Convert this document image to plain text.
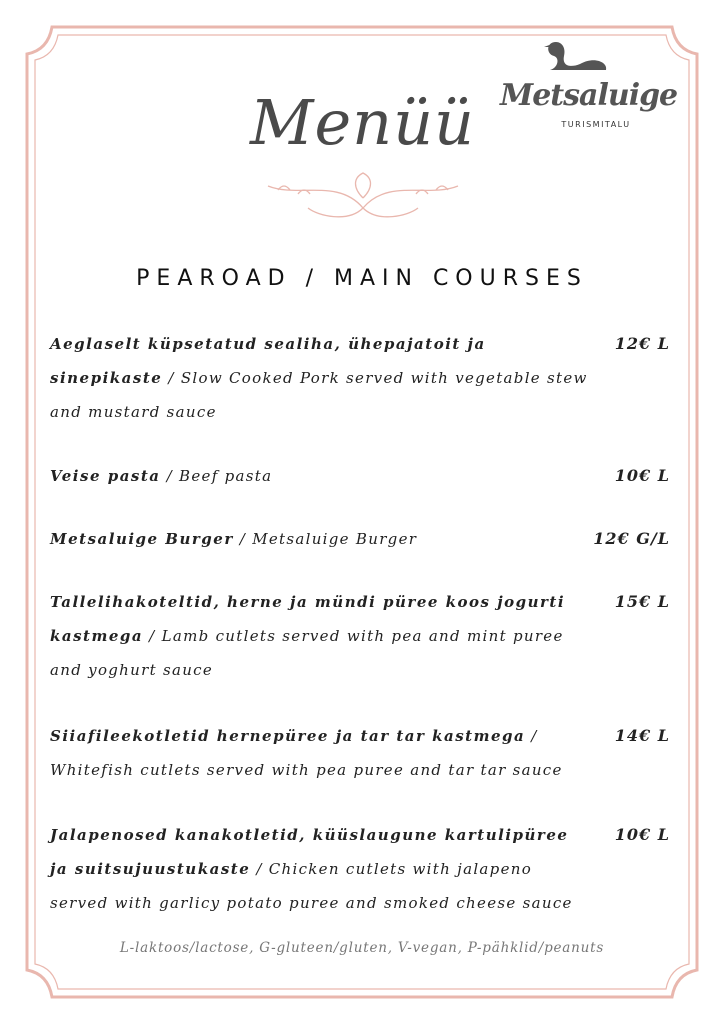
Menüü Metsaluige
TURISMITALU
PEAROAD / MAIN COURSES
Aeglaselt küpsetatud sealiha, ühepajatoit ja sinepikaste / Slow Cooked Pork served with vegetable stew and mustard sauce
12€ L
Veise pasta / Beef pasta	10€ L
Metsaluige Burger / Metsaluige Burger	12€ G/L
Tallelihakoteltid, herne ja mündi püree koos jogurti kastmega / Lamb cutlets served with pea and mint puree and yoghurt sauce
15€ L
Siiafileekotletid hernepüree ja tar tar kastmega / Whitefish cutlets served with pea puree and tar tar sauce
14€ L
Jalapenosed kanakotletid, küüslaugune kartulipüree ja suitsujuustukaste / Chicken cutlets with jalapeno served with garlicy potato puree and smoked cheese sauce
10€ L
L-laktoos/lactose, G-gluteen/gluten, V-vegan, P-pähklid/peanuts
